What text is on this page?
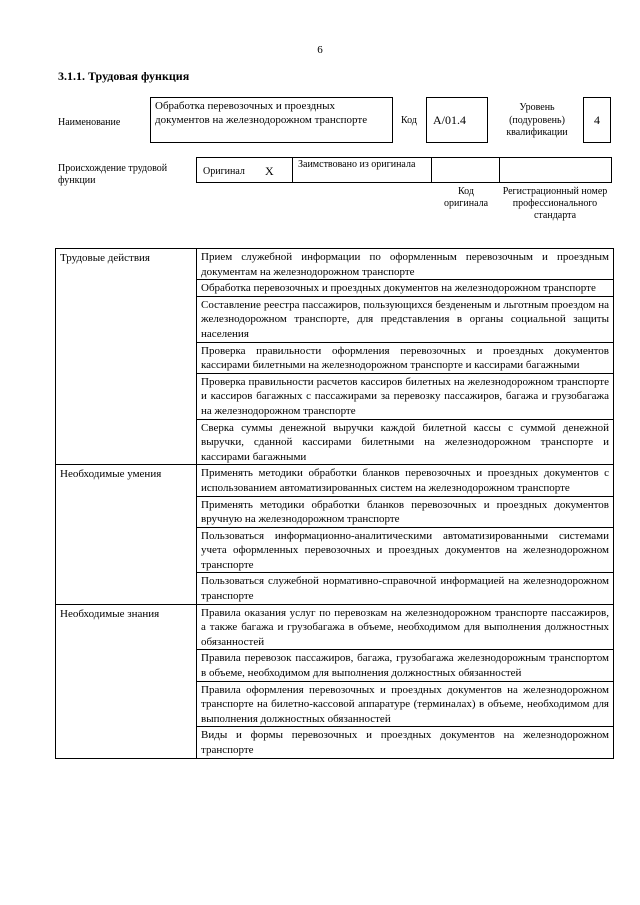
6
3.1.1. Трудовая функция
Наименование
Обработка перевозочных и проездных документов на железнодорожном транспорте	Код	A/01.4
Уровень (подуровень) квалификации
4
Происхождение трудовой функции
Оригинал X Заимствовано из оригинала
Код оригинала
Регистрационный номер профессионального стандарта
Трудовые действия	Прием служебной информации по оформленным перевозочным и проездным документам на железнодорожном транспорте
	Обработка перевозочных и проездных документов на железнодорожном транспорте
	Составление реестра пассажиров, пользующихся бездененым и льготным проездом на железнодорожном транспорте, для представления в органы социальной защиты населения
	Проверка правильности оформления перевозочных и проездных документов кассирами билетными на железнодорожном транспорте и кассирами багажными
	Проверка правильности расчетов кассиров билетных на железнодорожном транспорте и кассиров багажных с пассажирами за перевозку пассажиров, багажа и грузобагажа на железнодорожном транспорте
	Сверка суммы денежной выручки каждой билетной кассы с суммой денежной выручки, сданной кассирами билетными на железнодорожном транспорте и кассирами багажными
Необходимые умения	Применять методики обработки бланков перевозочных и проездных документов с использованием автоматизированных систем на железнодорожном транспорте
	Применять методики обработки бланков перевозочных и проездных документов вручную на железнодорожном транспорте
	Пользоваться информационно-аналитическими автоматизированными системами учета оформленных перевозочных и проездных документов на железнодорожном транспорте
	Пользоваться служебной нормативно-справочной информацией на железнодорожном транспорте
Необходимые знания	Правила оказания услуг по перевозкам на железнодорожном транспорте пассажиров, а также багажа и грузобагажа в объеме, необходимом для выполнения должностных обязанностей
	Правила перевозок пассажиров, багажа, грузобагажа железнодорожным транспортом в объеме, необходимом для выполнения должностных обязанностей
	Правила оформления перевозочных и проездных документов на железнодорожном транспорте на билетно-кассовой аппаратуре (терминалах) в объеме, необходимом для выполнения должностных обязанностей
	Виды и формы перевозочных и проездных документов на железнодорожном транспорте
